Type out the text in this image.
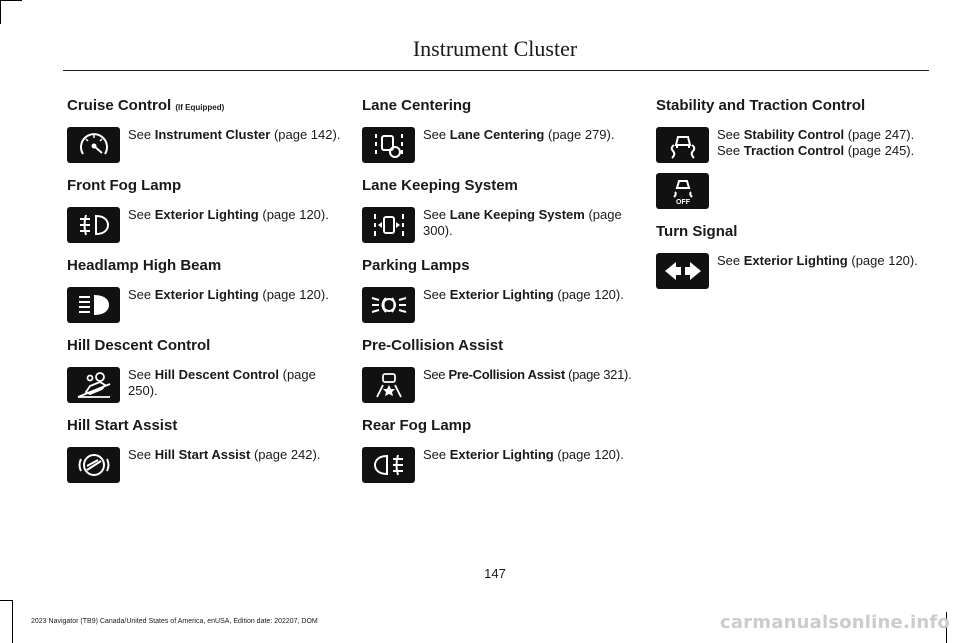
Instrument Cluster
Cruise Control (If Equipped)
See Instrument Cluster (page 142).
Front Fog Lamp
See Exterior Lighting (page 120).
Headlamp High Beam
See Exterior Lighting (page 120).
Hill Descent Control
See Hill Descent Control (page 250).
Hill Start Assist
See Hill Start Assist (page 242).
Lane Centering
See Lane Centering (page 279).
Lane Keeping System
See Lane Keeping System (page 300).
Parking Lamps
See Exterior Lighting (page 120).
Pre-Collision Assist
See Pre-Collision Assist (page 321).
Rear Fog Lamp
See Exterior Lighting (page 120).
Stability and Traction Control
See Stability Control (page 247).
See Traction Control (page 245).
OFF
Turn Signal
See Exterior Lighting (page 120).
147
2023 Navigator (TB9) Canada/United States of America, enUSA, Edition date: 202207, DOM	carmanualsonline.info
